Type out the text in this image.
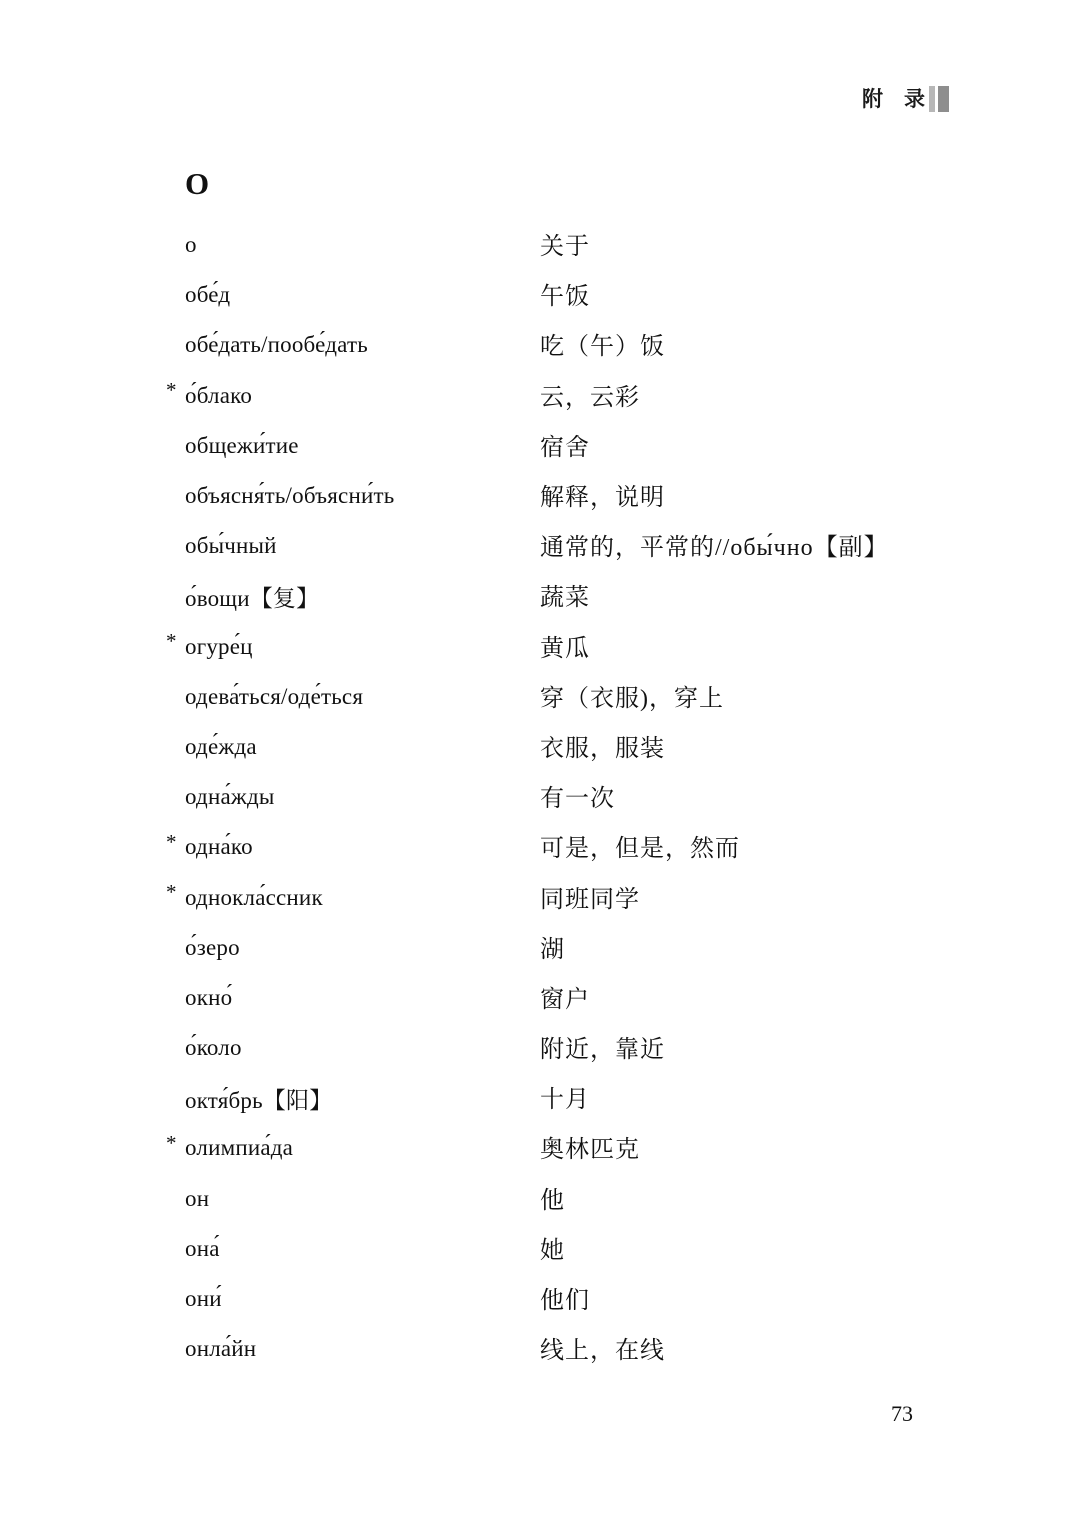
附　录
О
о	关于
обе́д	午饭
обе́дать/пообе́дать	吃（午）饭
* о́блако	云，云彩
общежи́тие	宿舍
объясня́ть/объясни́ть	解释，说明
обы́чный	通常的，平常的//обы́чно【副】
о́вощи【复】	蔬菜
* огуре́ц	黄瓜
одева́ться/оде́ться	穿（衣服)，穿上
оде́жда	衣服，服装
одна́жды	有一次
* одна́ко	可是，但是，然而
* однокла́ссник	同班同学
о́зеро	湖
окно́	窗户
о́коло	附近，靠近
октя́брь【阳】	十月
* олимпиа́да	奥林匹克
он	他
она́	她
они́	他们
онла́йн	线上，在线
73
